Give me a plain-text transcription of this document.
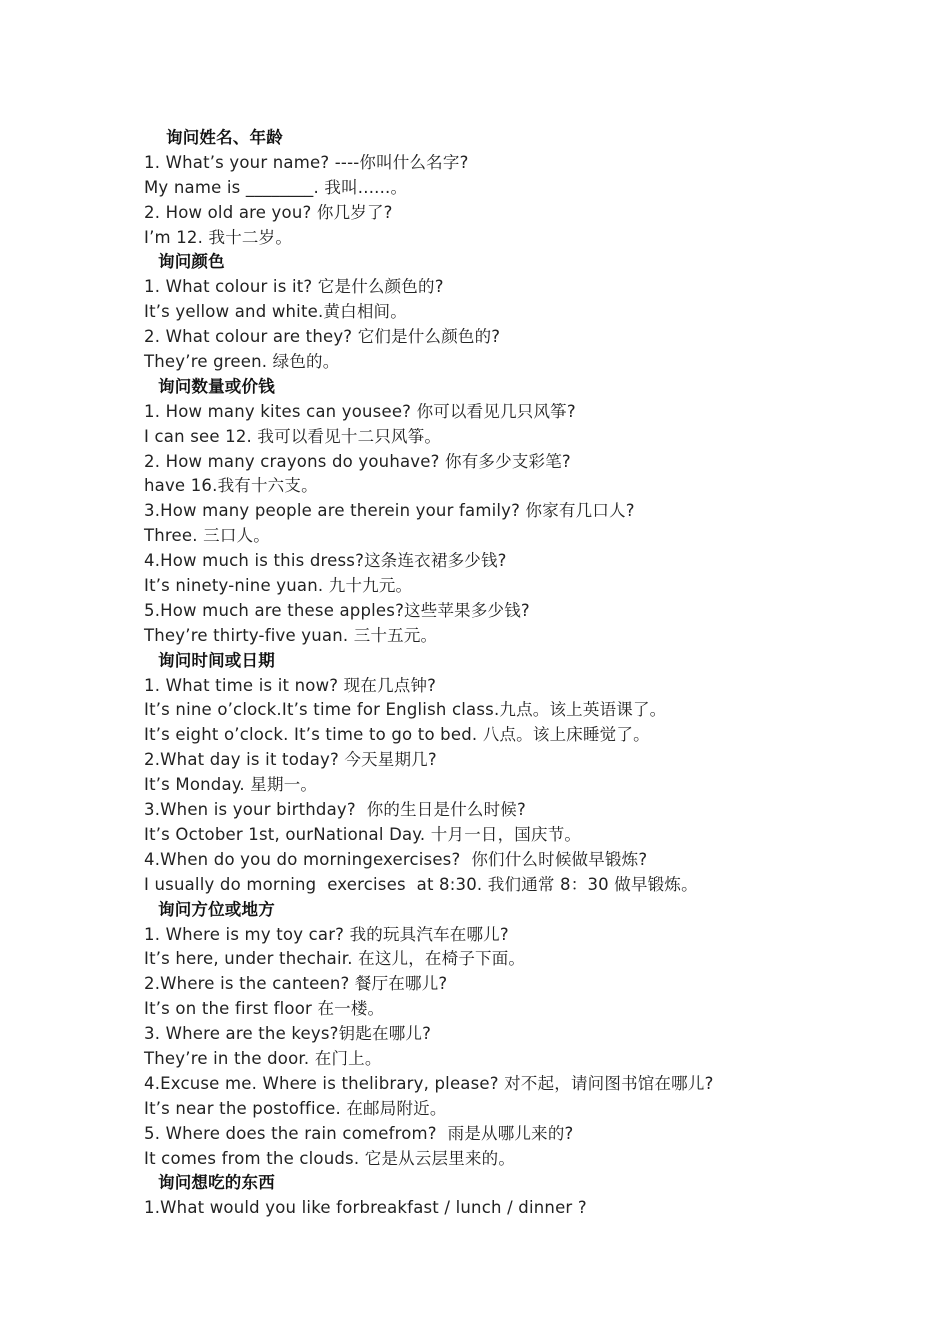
询问姓名、年龄
1. What’s your name? ----你叫什么名字?
My name is ________. 我叫......。
2. How old are you? 你几岁了?
I’m 12. 我十二岁。
询问颜色
1. What colour is it? 它是什么颜色的?
It’s yellow and white.黄白相间。
2. What colour are they? 它们是什么颜色的?
They’re green. 绿色的。
询问数量或价钱
1. How many kites can yousee? 你可以看见几只风筝?
I can see 12. 我可以看见十二只风筝。
2. How many crayons do youhave? 你有多少支彩笔?
have 16.我有十六支。
3.How many people are therein your family? 你家有几口人?
Three. 三口人。
4.How much is this dress?这条连衣裙多少钱?
It’s ninety-nine yuan. 九十九元。
5.How much are these apples?这些苹果多少钱?
They’re thirty-five yuan. 三十五元。
询问时间或日期
1. What time is it now? 现在几点钟?
It’s nine o’clock.It’s time for English class.九点。该上英语课了。
It’s eight o’clock. It’s time to go to bed. 八点。该上床睡觉了。
2.What day is it today? 今天星期几?
It’s Monday. 星期一。
3.When is your birthday?  你的生日是什么时候?
It’s October 1st, ourNational Day. 十月一日，国庆节。
4.When do you do morningexercises?  你们什么时候做早锻炼?
I usually do morning  exercises  at 8:30. 我们通常 8：30 做早锻炼。
询问方位或地方
1. Where is my toy car? 我的玩具汽车在哪儿?
It’s here, under thechair. 在这儿，在椅子下面。
2.Where is the canteen? 餐厅在哪儿?
It’s on the first floor 在一楼。
3. Where are the keys?钥匙在哪儿?
They’re in the door. 在门上。
4.Excuse me. Where is thelibrary, please? 对不起，请问图书馆在哪儿?
It’s near the postoffice. 在邮局附近。
5. Where does the rain comefrom?  雨是从哪儿来的?
It comes from the clouds. 它是从云层里来的。
询问想吃的东西
1.What would you like forbreakfast / lunch / dinner ?
